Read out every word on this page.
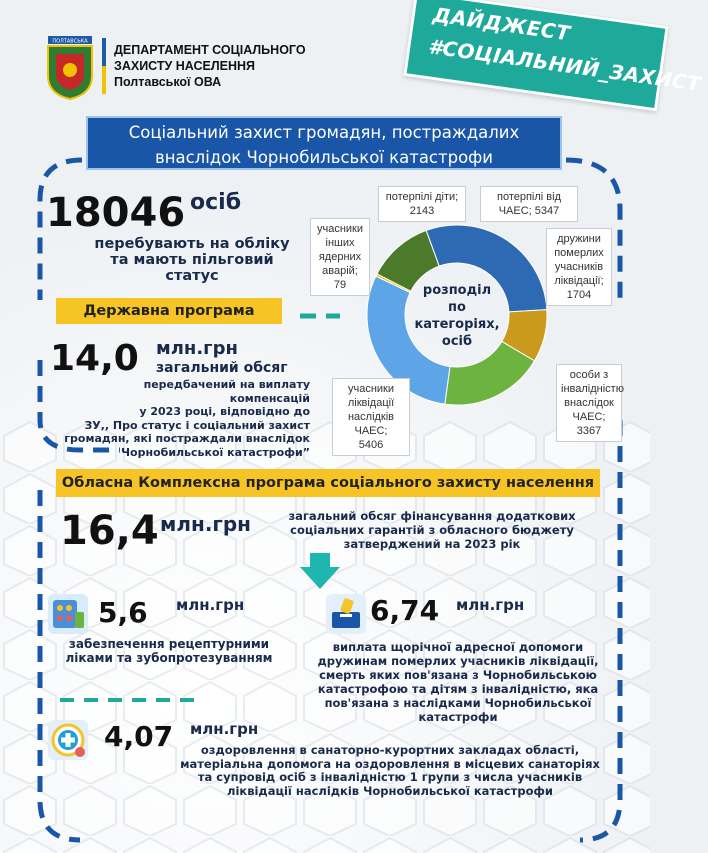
ПОЛТАВСЬКА
ДЕПАРТАМЕНТ СОЦІАЛЬНОГО
ЗАХИСТУ НАСЕЛЕННЯ
Полтавської ОВА
ДАЙДЖЕСТ
#СОЦІАЛЬНИЙ_ЗАХИСТ
Соціальний захист громадян, постраждалих
внаслідок Чорнобильської катастрофи
18046 осіб
перебувають на обліку
та мають пільговий статус
Державна програма
14,0 млн.грн
загальний обсяг
передбачений на виплату компенсацій
у 2023 році, відповідно до
ЗУ,, Про статус і соціальний захист
громадян, які постраждали внаслідок
Чорнобильської катастрофи”
розподіл
по
категоріях,
осіб
потерпілі діти;
2143
потерпілі від
ЧАЕС; 5347
дружини
померлих
учасників
ліквідації;
1704
учасники
інших
ядерних
аварій; 79
особи з
інвалідністю
внаслідок
ЧАЕС; 3367
учасники
ліквідації
наслідків ЧАЕС;
5406
Обласна Комплексна програма соціального захисту населення
16,4 млн.грн	загальний обсяг фінансування додаткових
соціальних гарантій з обласного бюджету
затверджений на 2023 рік
5,6 млн.грн
забезпечення рецептурними
ліками та зубопротезуванням
6,74 млн.грн
виплата щорічної адресної допомоги
дружинам померлих учасників ліквідації,
смерть яких пов'язана з Чорнобильською
катастрофою та дітям з інвалідністю, яка
пов'язана з наслідками Чорнобильської
катастрофи
4,07 млн.грн
оздоровлення в санаторно-курортних закладах області,
матеріальна допомога на оздоровлення в місцевих санаторіях
та супровід осіб з інвалідністю 1 групи з числа учасників
ліквідації наслідків Чорнобильської катастрофи
